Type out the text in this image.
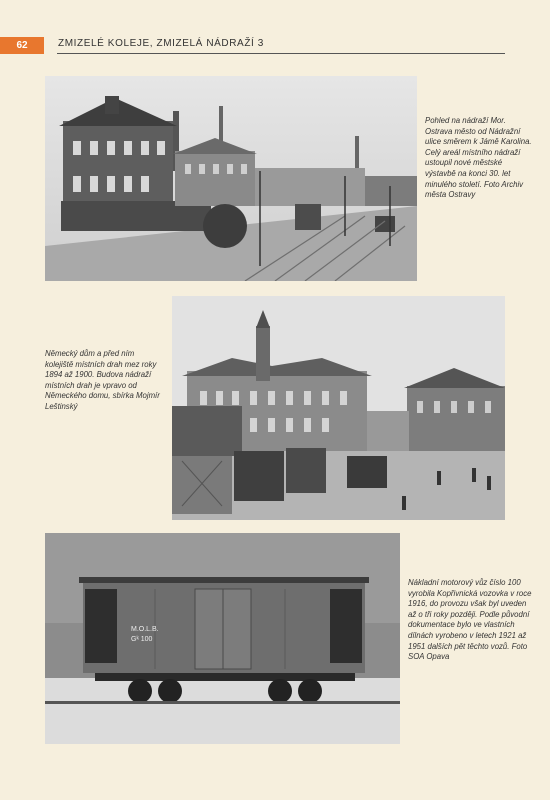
62	ZMIZELÉ KOLEJE, ZMIZELÁ NÁDRAŽÍ 3
Pohled na nádraží Mor. Ostrava město od Nádražní ulice směrem k Jámě Karolina. Celý areál místního nádraží ustoupil nové městské výstavbě na konci 30. let minulého století. Foto Archiv města Ostravy
Německý dům a před ním kolejiště místních drah mez roky 1894 až 1900. Budova nádraží místních drah je vpravo od Německého domu, sbírka Mojmír Leštinský
M.O.L.B.
Gᵏ 100
Nákladní motorový vůz číslo 100 vyrobila Kopřivnická vozovka v roce 1916, do provozu však byl uveden až o tři roky později. Podle původní dokumentace bylo ve vlastních dílnách vyrobeno v letech 1921 až 1951 dalších pět těchto vozů. Foto SOA Opava
